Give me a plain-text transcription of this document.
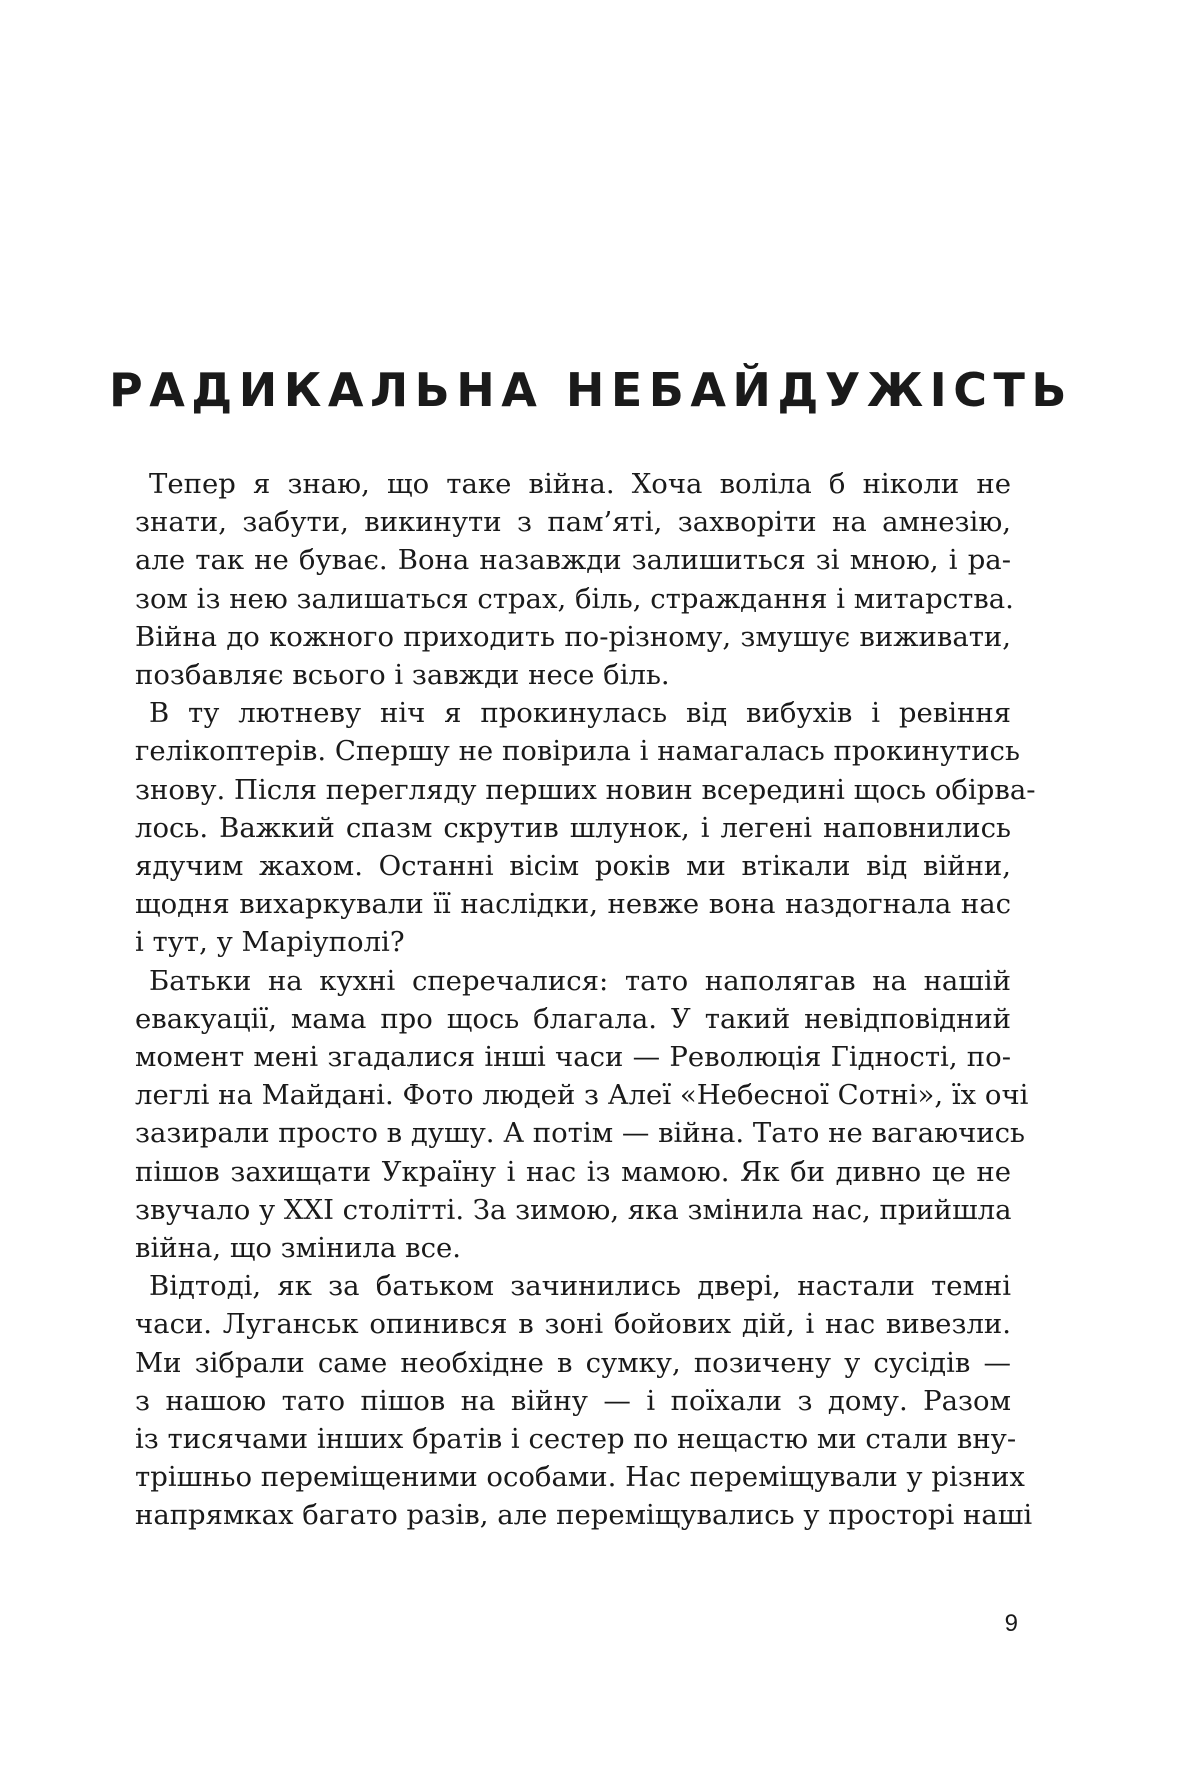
РАДИКАЛЬНА НЕБАЙДУЖІСТЬ

Тепер я знаю, що таке війна. Хоча воліла б ніколи не
знати, забути, викинути з пам’яті, захворіти на амнезію,
але так не буває. Вона назавжди залишиться зі мною, і ра-
зом із нею залишаться страх, біль, страждання і митарства.
Війна до кожного приходить по-різному, змушує виживати,
позбавляє всього і завжди несе біль.

В ту лютневу ніч я прокинулась від вибухів і ревіння
гелікоптерів. Спершу не повірила і намагалась прокинутись
знову. Після перегляду перших новин всередині щось обірва-
лось. Важкий спазм скрутив шлунок, і легені наповнились
ядучим жахом. Останні вісім років ми втікали від війни,
щодня вихаркували її наслідки, невже вона наздогнала нас
і тут, у Маріуполі?

Батьки на кухні сперечалися: тато наполягав на нашій
евакуації, мама про щось благала. У такий невідповідний
момент мені згадалися інші часи — Революція Гідності, по-
леглі на Майдані. Фото людей з Алеї «Небесної Сотні», їх очі
зазирали просто в душу. А потім — війна. Тато не вагаючись
пішов захищати Україну і нас із мамою. Як би дивно це не
звучало у XXI столітті. За зимою, яка змінила нас, прийшла
війна, що змінила все.

Відтоді, як за батьком зачинились двері, настали темні
часи. Луганськ опинився в зоні бойових дій, і нас вивезли.
Ми зібрали саме необхідне в сумку, позичену у сусідів —
з нашою тато пішов на війну — і поїхали з дому. Разом
із тисячами інших братів і сестер по нещастю ми стали вну-
трішньо переміщеними особами. Нас переміщували у різних
напрямках багато разів, але переміщувались у просторі наші

9
